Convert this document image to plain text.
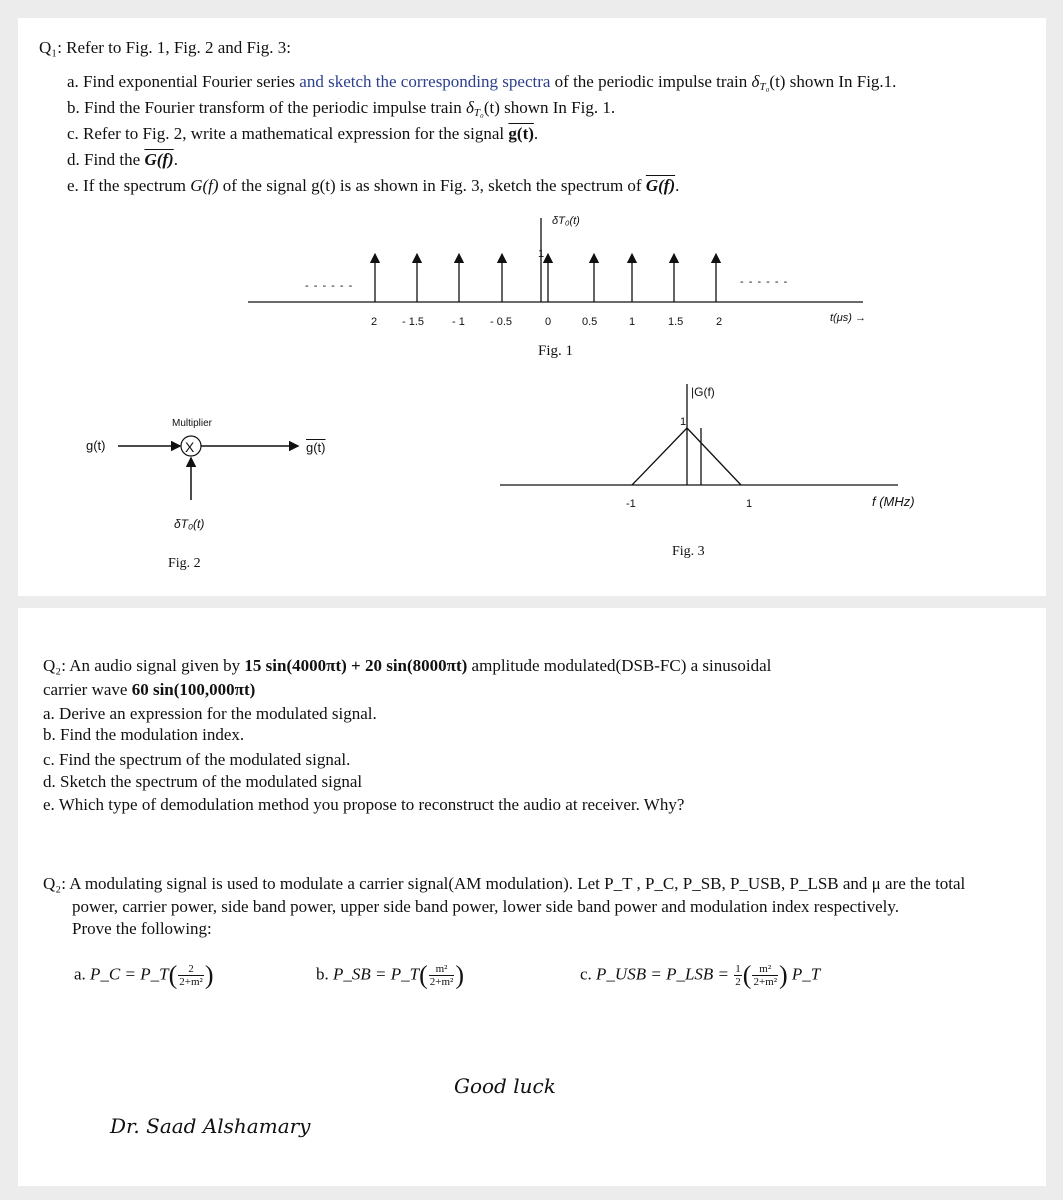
Q₁: Refer to Fig. 1, Fig. 2 and Fig. 3:
a. Find exponential Fourier series and sketch the corresponding spectra of the periodic impulse train $\delta_{T_0}(t)$ shown In Fig.1.
b. Find the Fourier transform of the periodic impulse train $\delta_{T_0}(t)$ shown In Fig. 1.
c. Refer to Fig. 2, write a mathematical expression for the signal g(t).
d. Find the G(f).
e. If the spectrum G(f) of the signal g(t) is as shown in Fig. 3, sketch the spectrum of G(f).
δT₀(t)
1
- - - - - -	- - - - - -
2 - 1.5	- 1 - 0.5	0	0.5	1	1.5	2	t(μs) →
Fig. 1
g(t)
Multiplier
X	g(t)
δT₀(t)
Fig. 2
|G(f)
1
-1	1	f (MHz)
Fig. 3
Q₂: An audio signal given by 15 sin(4000πt) + 20 sin(8000πt) amplitude modulated(DSB-FC) a sinusoidal
carrier wave 60 sin(100,000πt)
a. Derive an expression for the modulated signal.
b. Find the modulation index.
c. Find the spectrum of the modulated signal.
d. Sketch the spectrum of the modulated signal
e. Which type of demodulation method you propose to reconstruct the audio at receiver. Why?
Q₂: A modulating signal is used to modulate a carrier signal(AM modulation). Let P_T , P_C, P_SB, P_USB, P_LSB and μ are the total
power, carrier power, side band power, upper side band power, lower side band power and modulation index respectively.
Prove the following:
a. P_C = P_T( $\frac{2}{\text{2+m²}}$ )	b. P_SB = P_T( $\frac{\text{m²}}{\text{2+m²}}$ )	c. P_USB = P_LSB = $\frac{1}{2}$ ( $\frac{\text{m²}}{\text{2+m²}}$ ) P_T
Good luck
Dr. Saad Alshamary
